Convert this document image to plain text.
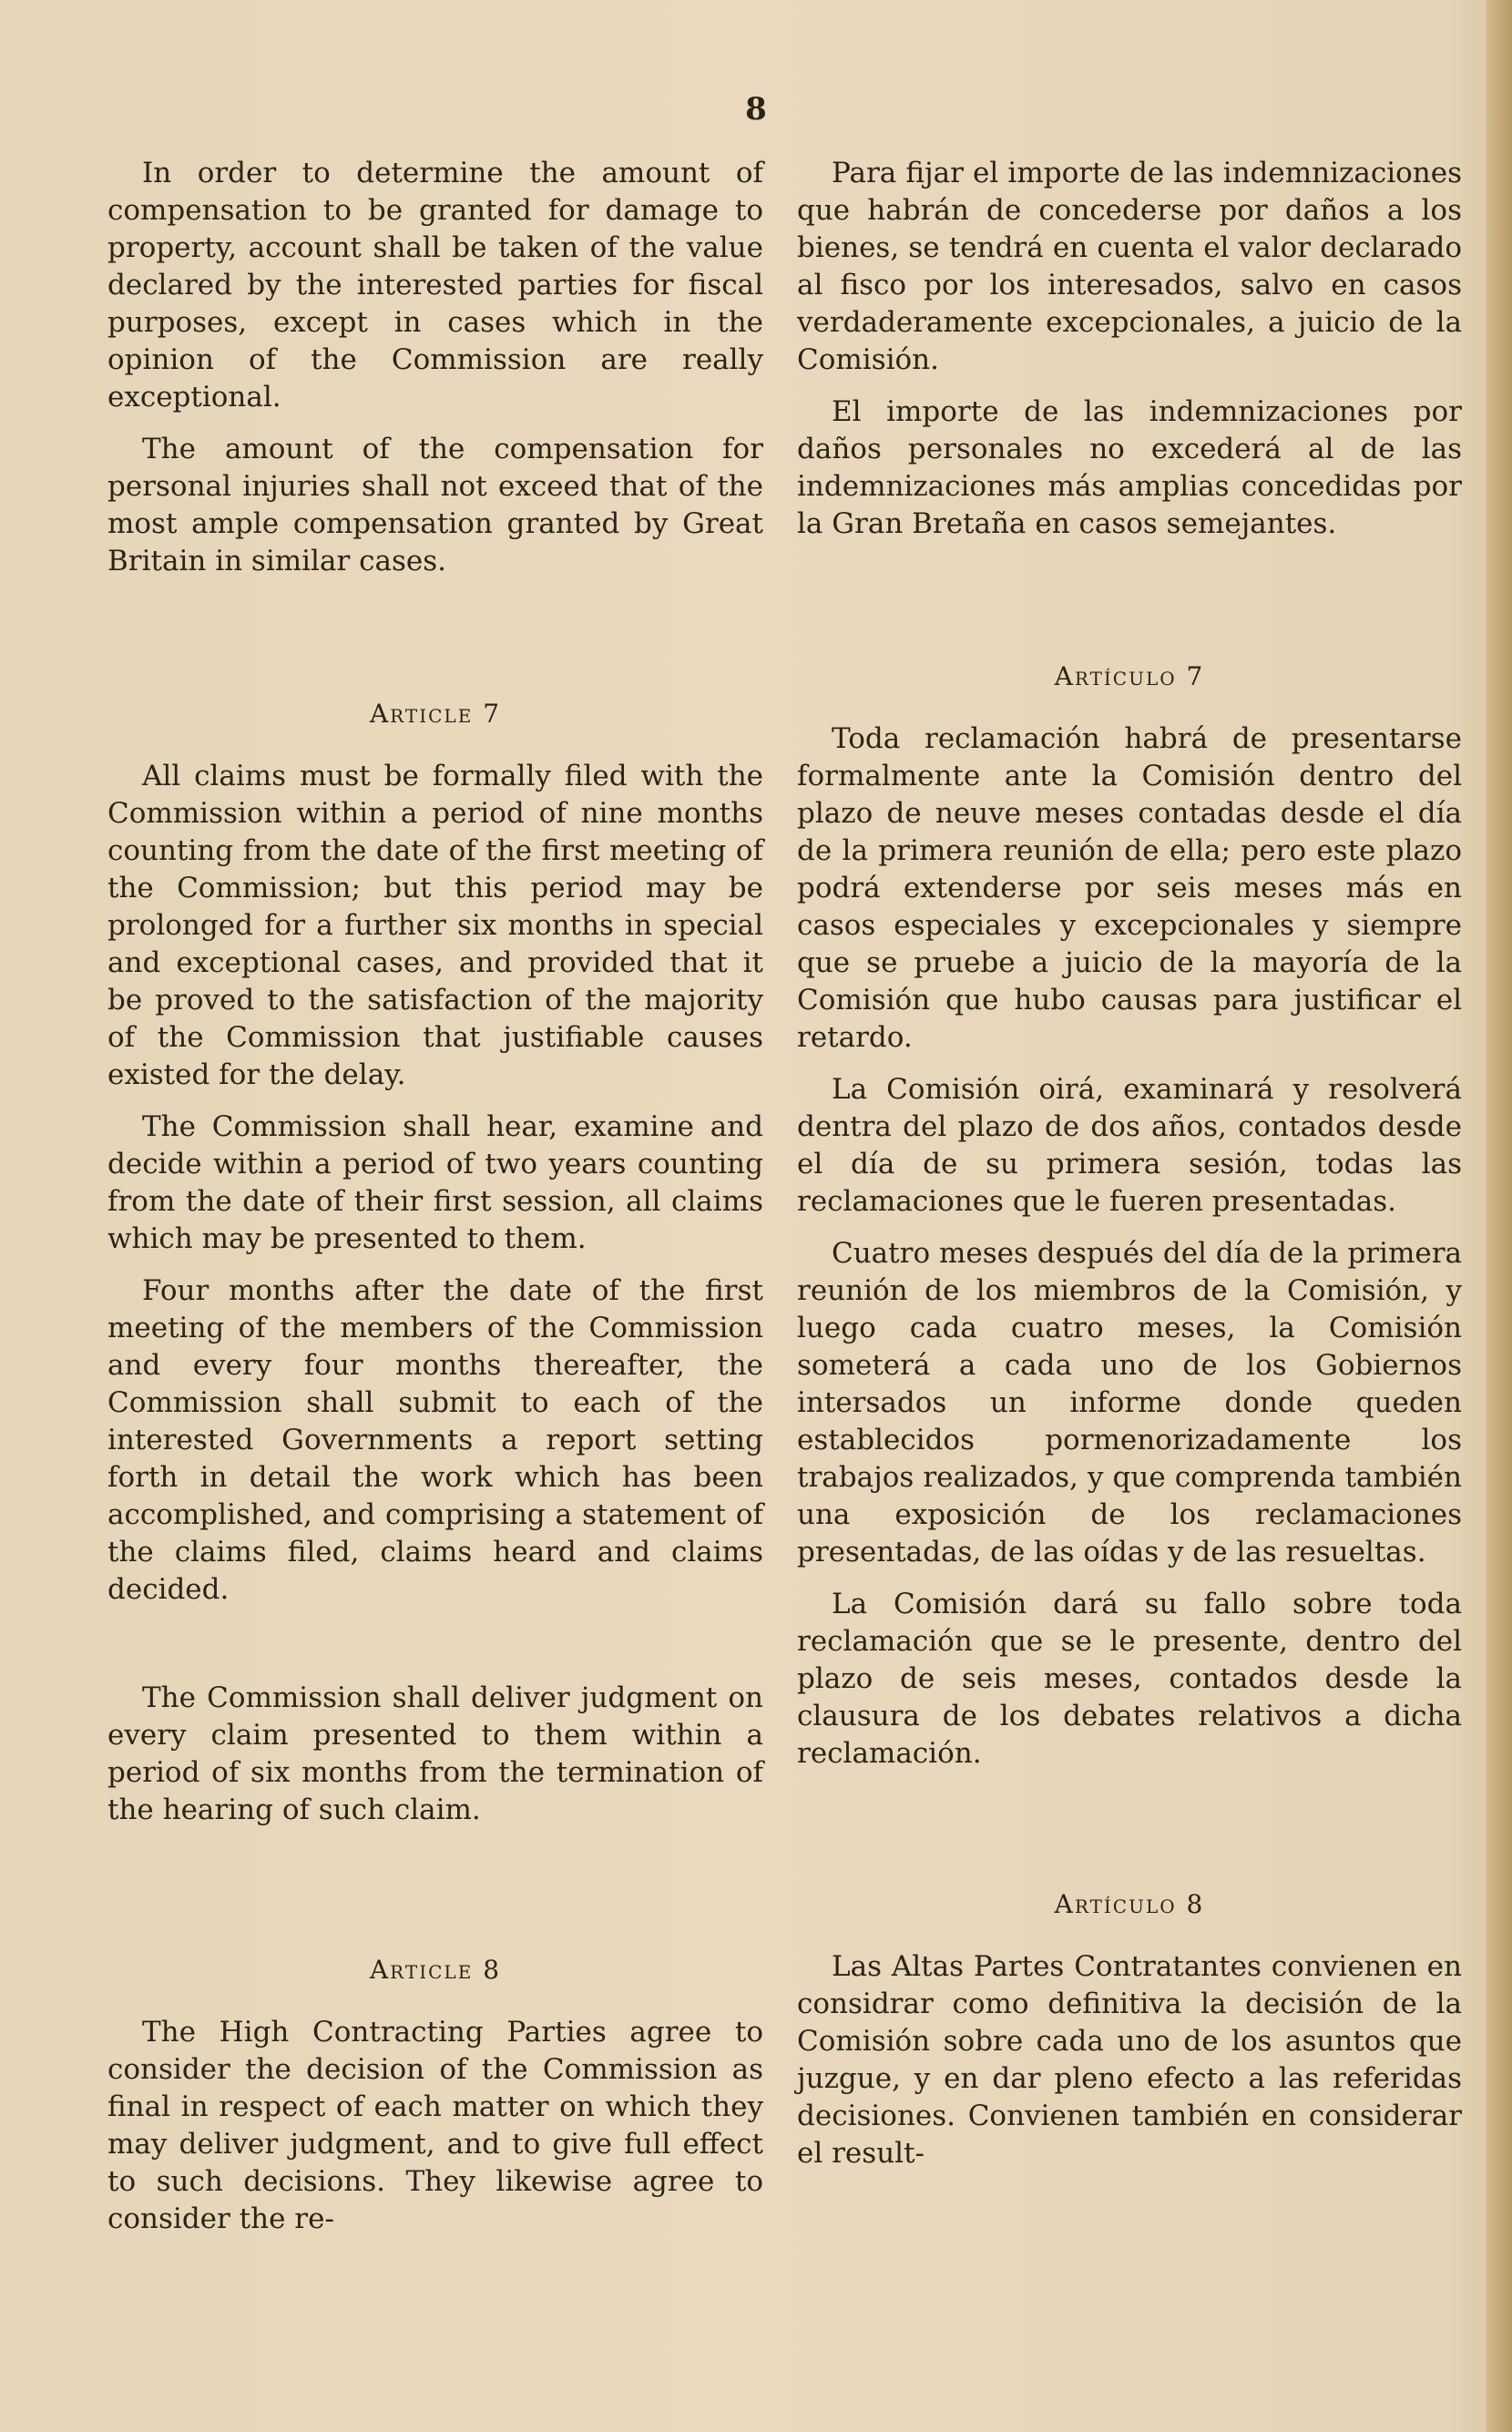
8

In order to determine the amount of compensation to be granted for damage to property, account shall be taken of the value declared by the interested parties for fiscal purposes, except in cases which in the opinion of the Commission are really exceptional.

The amount of the compensation for personal injuries shall not exceed that of the most ample compensation granted by Great Britain in similar cases.

Article 7

All claims must be formally filed with the Commission within a period of nine months counting from the date of the first meeting of the Commission; but this period may be prolonged for a further six months in special and exceptional cases, and provided that it be proved to the satisfaction of the majority of the Commission that justifiable causes existed for the delay.

The Commission shall hear, examine and decide within a period of two years counting from the date of their first session, all claims which may be presented to them.

Four months after the date of the first meeting of the members of the Commission and every four months thereafter, the Commission shall submit to each of the interested Governments a report setting forth in detail the work which has been accomplished, and comprising a statement of the claims filed, claims heard and claims decided.

The Commission shall deliver judgment on every claim presented to them within a period of six months from the termination of the hearing of such claim.

Article 8

The High Contracting Parties agree to consider the decision of the Commission as final in respect of each matter on which they may deliver judgment, and to give full effect to such decisions. They likewise agree to consider the re-

Para fijar el importe de las indemnizaciones que habrán de concederse por daños a los bienes, se tendrá en cuenta el valor declarado al fisco por los interesados, salvo en casos verdaderamente excepcionales, a juicio de la Comisión.

El importe de las indemnizaciones por daños personales no excederá al de las indemnizaciones más amplias concedidas por la Gran Bretaña en casos semejantes.

Artículo 7

Toda reclamación habrá de presentarse formalmente ante la Comisión dentro del plazo de neuve meses contadas desde el día de la primera reunión de ella; pero este plazo podrá extenderse por seis meses más en casos especiales y excepcionales y siempre que se pruebe a juicio de la mayoría de la Comisión que hubo causas para justificar el retardo.

La Comisión oirá, examinará y resolverá dentra del plazo de dos años, contados desde el día de su primera sesión, todas las reclamaciones que le fueren presentadas.

Cuatro meses después del día de la primera reunión de los miembros de la Comisión, y luego cada cuatro meses, la Comisión someterá a cada uno de los Gobiernos intersados un informe donde queden establecidos pormenorizadamente los trabajos realizados, y que comprenda también una exposición de los reclamaciones presentadas, de las oídas y de las resueltas.

La Comisión dará su fallo sobre toda reclamación que se le presente, dentro del plazo de seis meses, contados desde la clausura de los debates relativos a dicha reclamación.

Artículo 8

Las Altas Partes Contratantes convienen en considrar como definitiva la decisión de la Comisión sobre cada uno de los asuntos que juzgue, y en dar pleno efecto a las referidas decisiones. Convienen también en considerar el result-
